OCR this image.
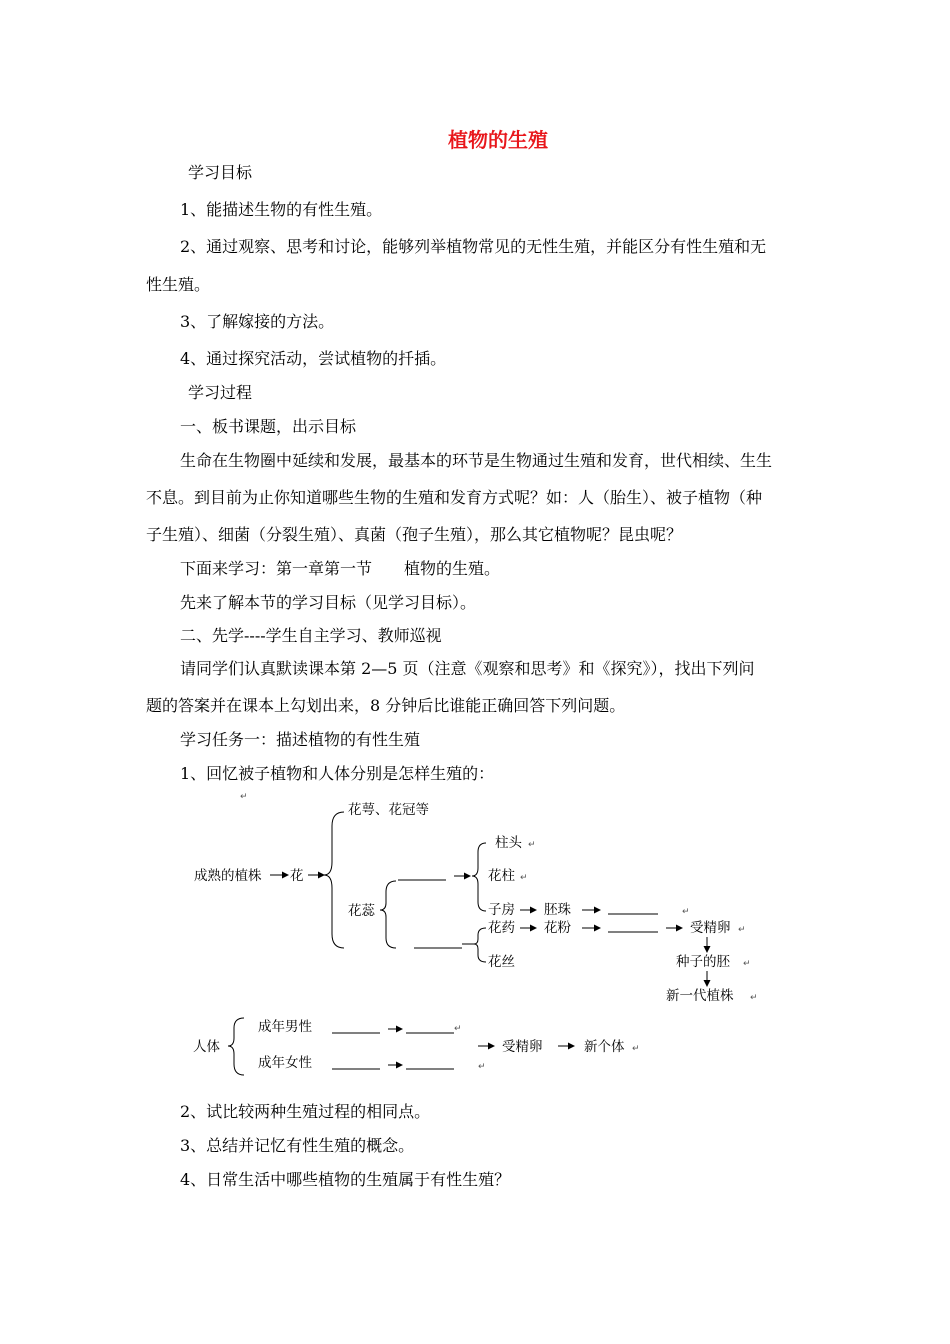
植物的生殖
学习目标
1、能描述生物的有性生殖。
2、通过观察、思考和讨论，能够列举植物常见的无性生殖，并能区分有性生殖和无
性生殖。
3、了解嫁接的方法。
4、通过探究活动，尝试植物的扦插。
学习过程
一、板书课题，出示目标
生命在生物圈中延续和发展，最基本的环节是生物通过生殖和发育，世代相续、生生
不息。到目前为止你知道哪些生物的生殖和发育方式呢？如：人（胎生）、被子植物（种
子生殖）、细菌（分裂生殖）、真菌（孢子生殖），那么其它植物呢？昆虫呢？
下面来学习：第一章第一节　　植物的生殖。
先来了解本节的学习目标（见学习目标）。
二、先学----学生自主学习、教师巡视
请同学们认真默读课本第 2—5 页（注意《观察和思考》和《探究》），找出下列问
题的答案并在课本上勾划出来，8 分钟后比谁能正确回答下列问题。
学习任务一：描述植物的有性生殖
1、回忆被子植物和人体分别是怎样生殖的：
↵
成熟的植株 花
花萼、花冠等
花蕊
柱头 ↵
花柱 ↵
子房 胚珠	↵
花药 花粉	受精卵 ↵
花丝	种子的胚 ↵
新一代植株 ↵
人体
成年男性	↵
成年女性	↵
受精卵	新个体 ↵
2、试比较两种生殖过程的相同点。
3、总结并记忆有性生殖的概念。
4、日常生活中哪些植物的生殖属于有性生殖？
